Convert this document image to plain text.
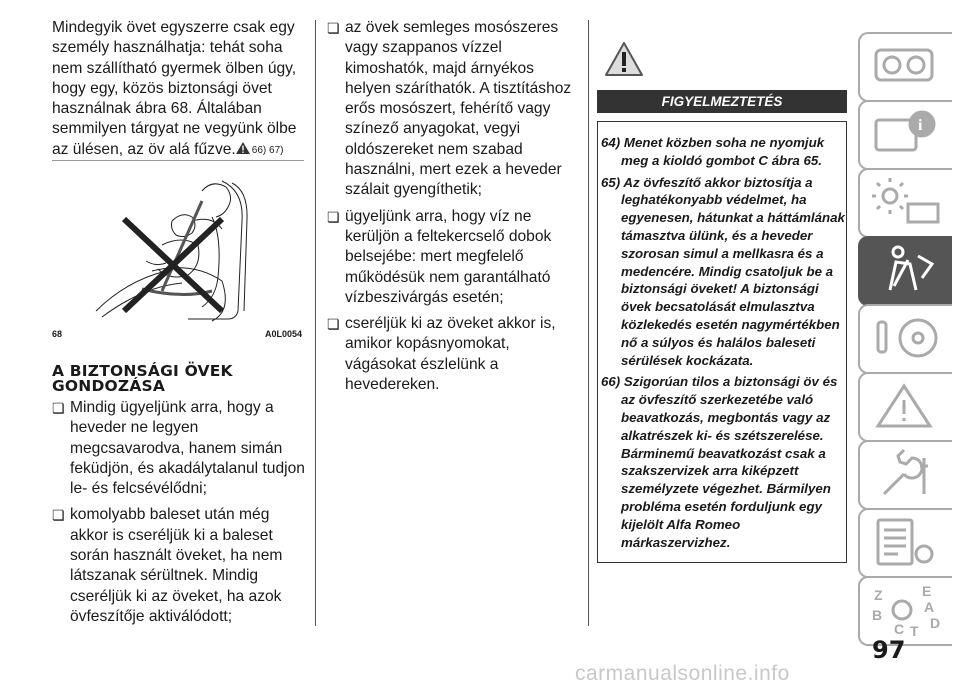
Mindegyik övet egyszerre csak egy személy használhatja: tehát soha nem szállítható gyermek ölben úgy, hogy egy, közös biztonsági övet használnak ábra 68. Általában semmilyen tárgyat ne vegyünk ölbe az ülésen, az öv alá fűzve. 66) 67)

68	A0L0054
A BIZTONSÁGI ÖVEK GONDOZÁSA

❏ Mindig ügyeljünk arra, hogy a heveder ne legyen megcsavarodva, hanem simán feküdjön, és akadálytalanul tudjon le- és felcsévélődni;

❏ komolyabb baleset után még akkor is cseréljük ki a baleset során használt öveket, ha nem látszanak sérültnek. Mindig cseréljük ki az öveket, ha azok övfeszítője aktiválódott;

❏ az övek semleges mosószeres vagy szappanos vízzel kimoshatók, majd árnyékos helyen száríthatók. A tisztításhoz erős mosószert, fehérítő vagy színező anyagokat, vegyi oldószereket nem szabad használni, mert ezek a heveder szálait gyengíthetik;

❏ ügyeljünk arra, hogy víz ne kerüljön a feltekercselő dobok belsejébe: mert megfelelő működésük nem garantálható vízbeszivárgás esetén;

❏ cseréljük ki az öveket akkor is, amikor kopásnyomokat, vágásokat észlelünk a hevedereken.

FIGYELMEZTETÉS

64) Menet közben soha ne nyomjuk meg a kioldó gombot C ábra 65.

65) Az övfeszítő akkor biztosítja a leghatékonyabb védelmet, ha egyenesen, hátunkat a háttámlának támasztva ülünk, és a heveder szorosan simul a mellkasra és a medencére. Mindig csatoljuk be a biztonsági öveket! A biztonsági övek becsatolását elmulasztva közlekedés esetén nagymértékben nő a súlyos és halálos baleseti sérülések kockázata.

66) Szigorúan tilos a biztonsági öv és az övfeszítő szerkezetébe való beavatkozás, megbontás vagy az alkatrészek ki- és szétszerelése. Bárminemű beavatkozást csak a szakszervizek arra kiképzett személyzete végezhet. Bármilyen probléma esetén forduljunk egy kijelölt Alfa Romeo márkaszervizhez.

i
Z	E
A
B
C T D
97
carmanualsonline.info
